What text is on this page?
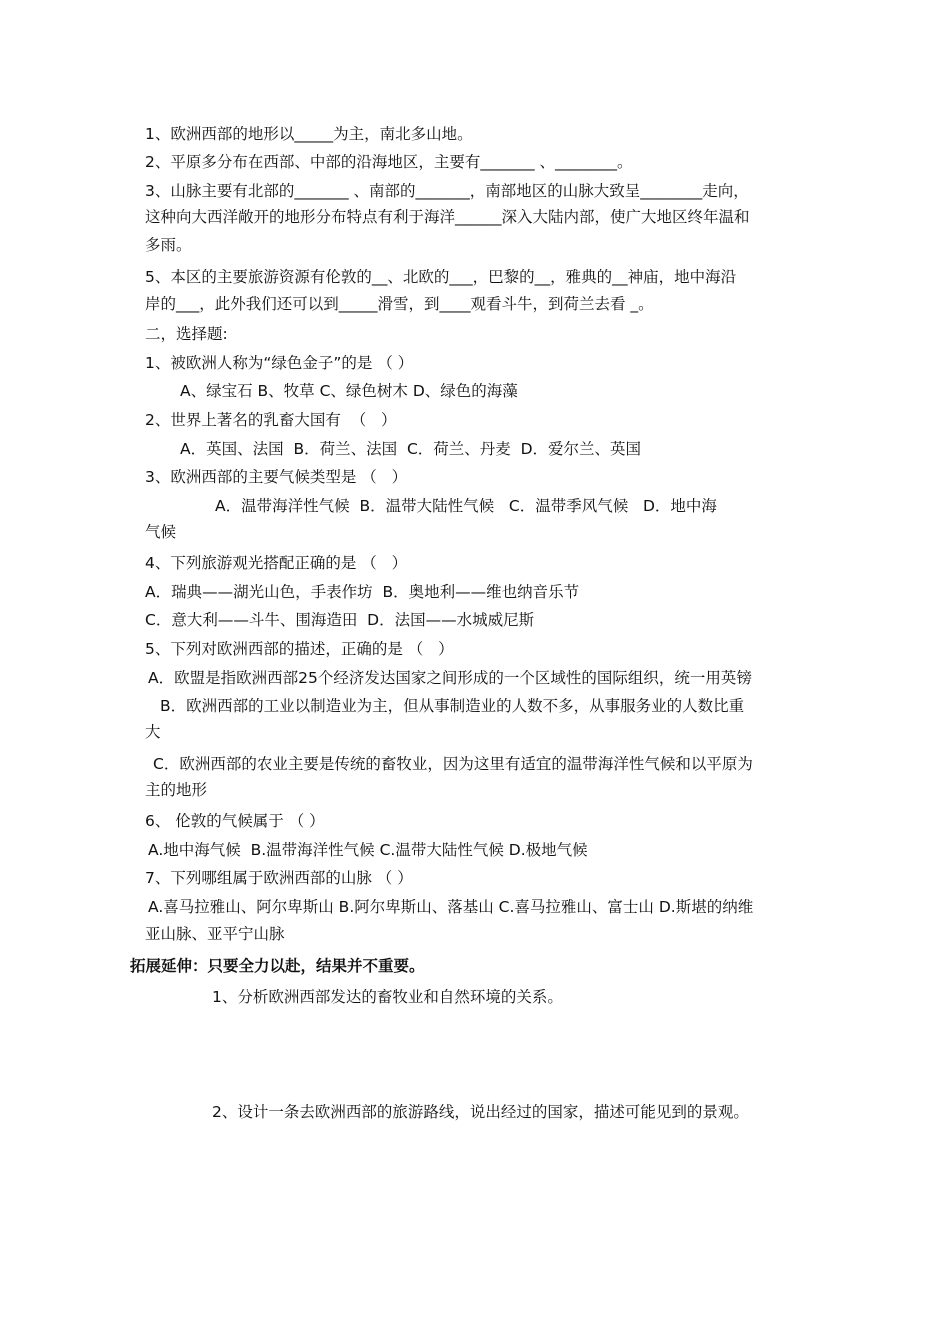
1、欧洲西部的地形以_____为主，南北多山地。
2、平原多分布在西部、中部的沿海地区，主要有_______ 、________。
3、山脉主要有北部的_______ 、南部的_______，南部地区的山脉大致呈________走向，
这种向大西洋敞开的地形分布特点有利于海洋______深入大陆内部，使广大地区终年温和
多雨。
5、本区的主要旅游资源有伦敦的__、北欧的___，巴黎的__，雅典的__神庙，地中海沿
岸的___，此外我们还可以到_____滑雪，到____观看斗牛，到荷兰去看 _。
二，选择题:
1、被欧洲人称为“绿色金子”的是 （ ）
A、绿宝石 B、牧草 C、绿色树木 D、绿色的海藻
2、世界上著名的乳畜大国有  （   ）
A．英国、法国  B．荷兰、法国  C．荷兰、丹麦  D．爱尔兰、英国
3、欧洲西部的主要气候类型是 （   ）
A．温带海洋性气候  B．温带大陆性气候   C．温带季风气候   D．地中海
气候
4、下列旅游观光搭配正确的是 （   ）
A．瑞典——湖光山色，手表作坊  B．奥地利——维也纳音乐节
C．意大利——斗牛、围海造田  D．法国——水城威尼斯
5、下列对欧洲西部的描述，正确的是 （   ）
A．欧盟是指欧洲西部25个经济发达国家之间形成的一个区域性的国际组织，统一用英镑
B．欧洲西部的工业以制造业为主，但从事制造业的人数不多，从事服务业的人数比重
大
C．欧洲西部的农业主要是传统的畜牧业，因为这里有适宜的温带海洋性气候和以平原为
主的地形
6、 伦敦的气候属于 （ ）
A.地中海气候  B.温带海洋性气候 C.温带大陆性气候 D.极地气候
7、下列哪组属于欧洲西部的山脉 （ ）
A.喜马拉雅山、阿尔卑斯山 B.阿尔卑斯山、落基山 C.喜马拉雅山、富士山 D.斯堪的纳维
亚山脉、亚平宁山脉
拓展延伸：只要全力以赴，结果并不重要。
1、分析欧洲西部发达的畜牧业和自然环境的关系。
2、设计一条去欧洲西部的旅游路线，说出经过的国家，描述可能见到的景观。
